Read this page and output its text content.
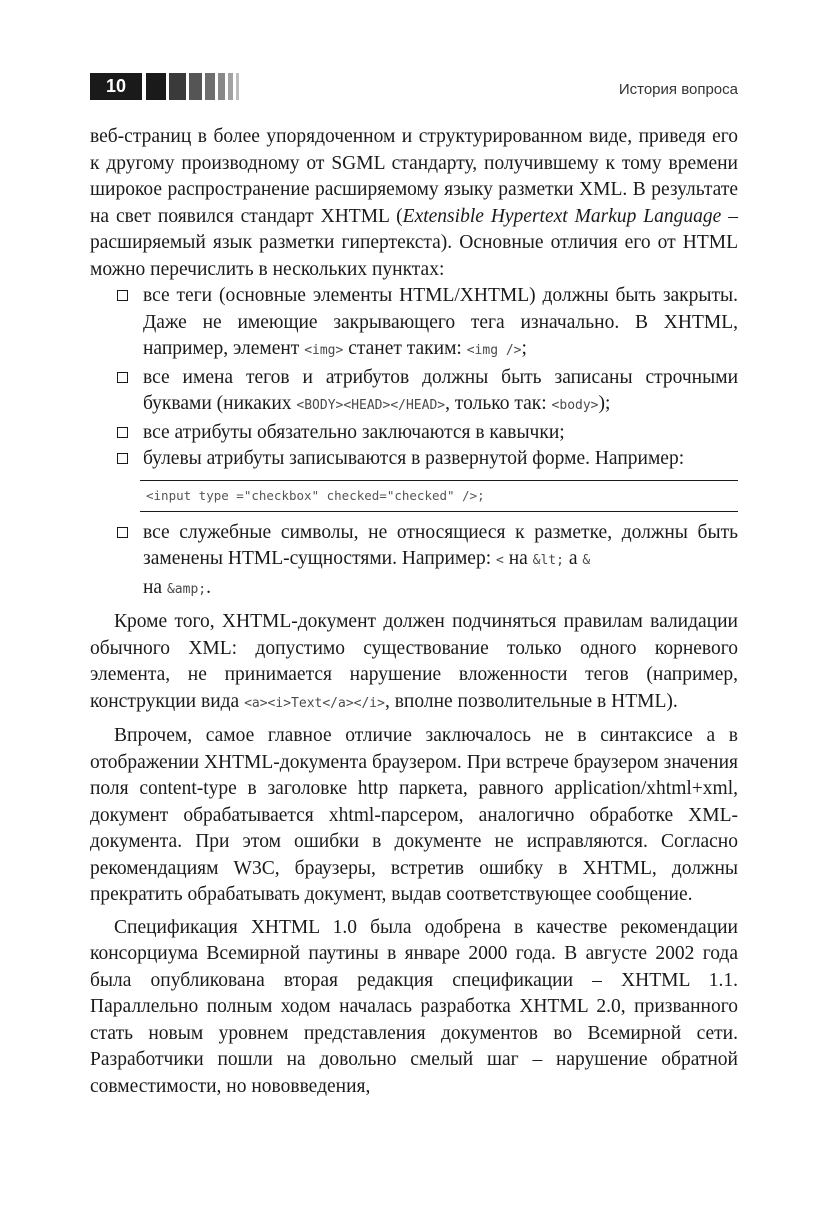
10	История вопроса

веб-страниц в более упорядоченном и структурированном виде, приведя его к другому производному от SGML стандарту, получившему к тому времени широкое распространение расширяемому языку разметки XML. В результате на свет появился стандарт XHTML (Extensible Hypertext Markup Language – расширяемый язык разметки гипертекста). Основные отличия его от HTML можно перечислить в нескольких пунктах:

все теги (основные элементы HTML/XHTML) должны быть закрыты. Даже не имеющие закрывающего тега изначально. В XHTML, например, элемент <img> станет таким: <img />;
все имена тегов и атрибутов должны быть записаны строчными буквами (никаких <BODY><HEAD></HEAD>, только так: <body>);
все атрибуты обязательно заключаются в кавычки;
булевы атрибуты записываются в развернутой форме. Например:
<input type ="checkbox" checked="checked" />;
все служебные символы, не относящиеся к разметке, должны быть заменены HTML-сущностями. Например: < на &lt; а &
на &amp;.

Кроме того, XHTML-документ должен подчиняться правилам валидации обычного XML: допустимо существование только одного корневого элемента, не принимается нарушение вложенности тегов (например, конструкции вида <a><i>Text</a></i>, вполне позволительные в HTML).

Впрочем, самое главное отличие заключалось не в синтаксисе а в отображении XHTML-документа браузером. При встрече браузером значения поля content-type в заголовке http паркета, равного application/xhtml+xml, документ обрабатывается xhtml-парсером, аналогично обработке XML-документа. При этом ошибки в документе не исправляются. Согласно рекомендациям W3C, браузеры, встретив ошибку в XHTML, должны прекратить обрабатывать документ, выдав соответствующее сообщение.

Спецификация XHTML 1.0 была одобрена в качестве рекомендации консорциума Всемирной паутины в январе 2000 года. В августе 2002 года была опубликована вторая редакция спецификации – XHTML 1.1. Параллельно полным ходом началась разработка XHTML 2.0, призванного стать новым уровнем представления документов во Всемирной сети. Разработчики пошли на довольно смелый шаг – нарушение обратной совместимости, но нововведения,
